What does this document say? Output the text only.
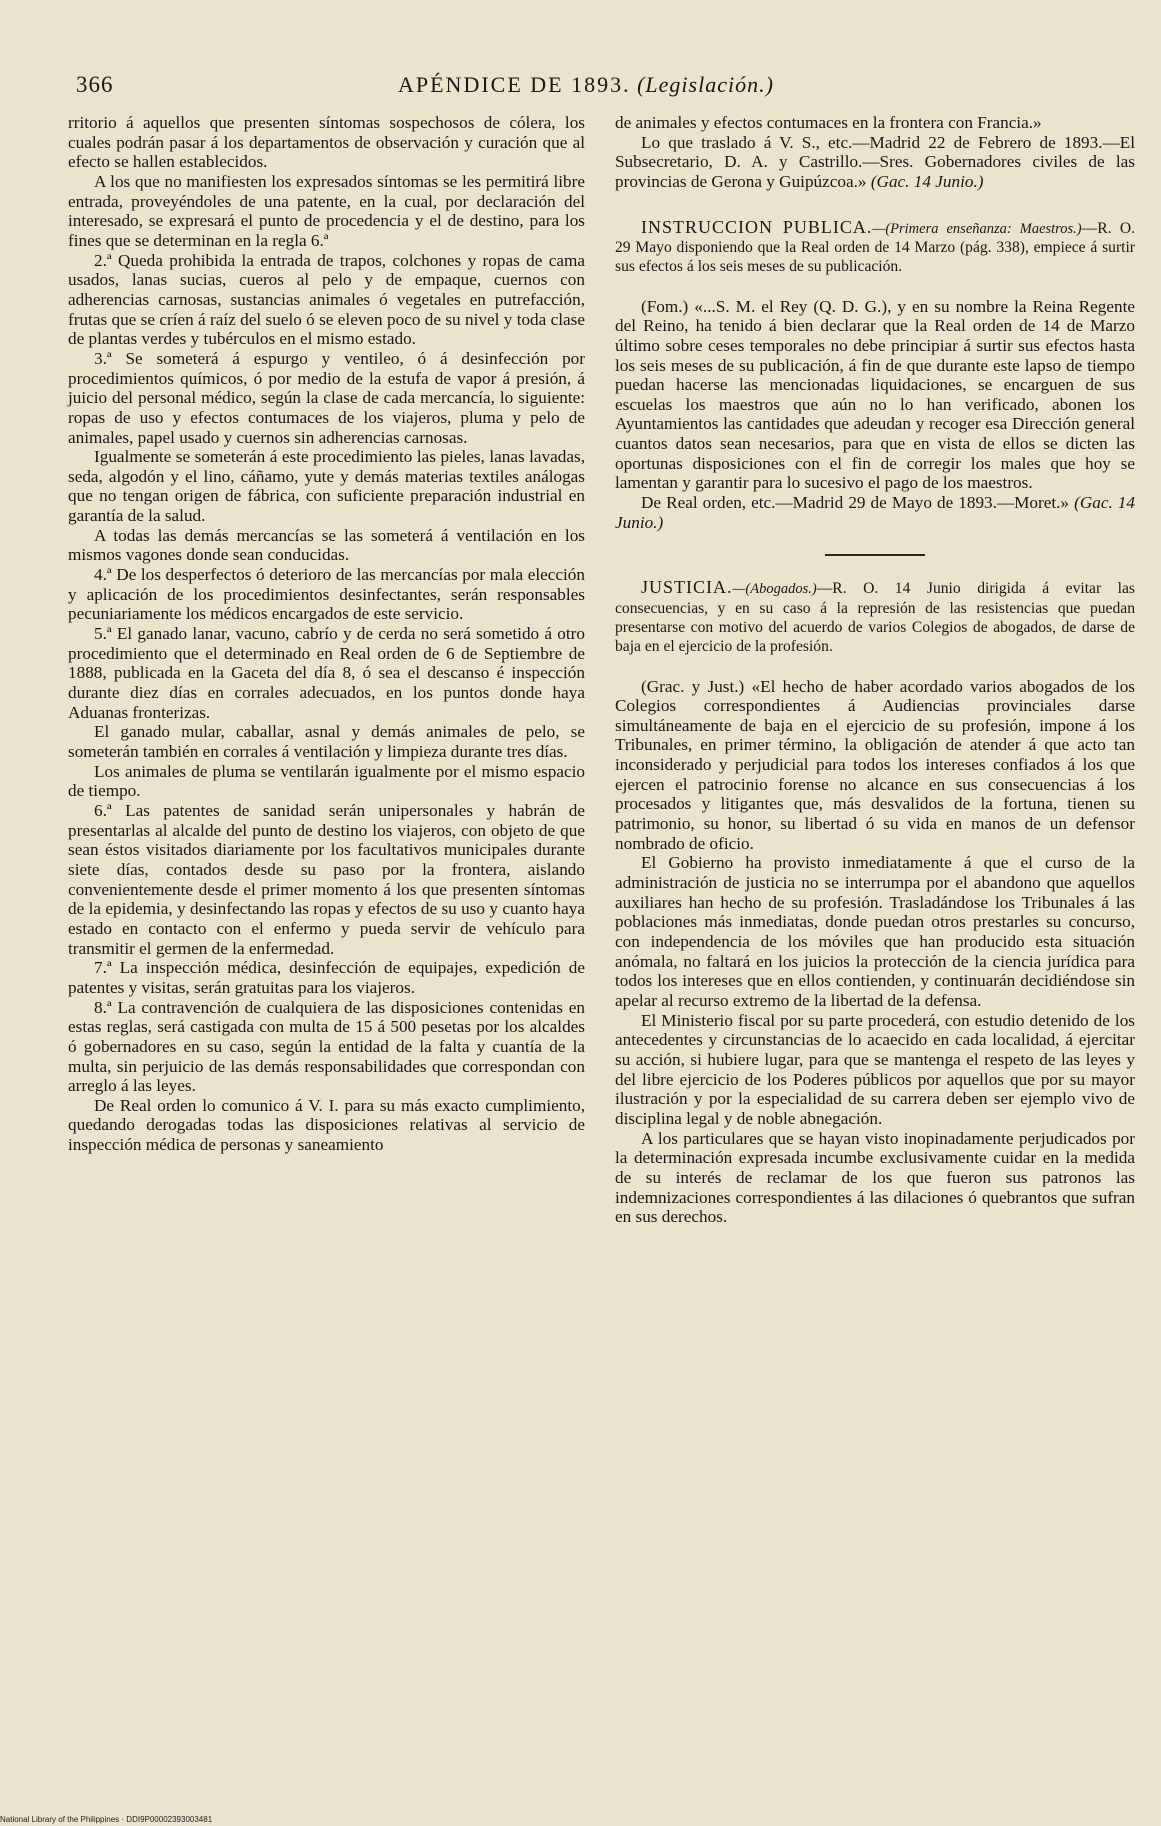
366	APÉNDICE DE 1893. (Legislación.)

rritorio á aquellos que presenten síntomas sospechosos de cólera, los cuales podrán pasar á los departamentos de observación y curación que al efecto se hallen establecidos.

A los que no manifiesten los expresados síntomas se les permitirá libre entrada, proveyéndoles de una patente, en la cual, por declaración del interesado, se expresará el punto de procedencia y el de destino, para los fines que se determinan en la regla 6.ª

2.ª Queda prohibida la entrada de trapos, colchones y ropas de cama usados, lanas sucias, cueros al pelo y de empaque, cuernos con adherencias carnosas, sustancias animales ó vegetales en putrefacción, frutas que se críen á raíz del suelo ó se eleven poco de su nivel y toda clase de plantas verdes y tubérculos en el mismo estado.

3.ª Se someterá á espurgo y ventileo, ó á desinfección por procedimientos químicos, ó por medio de la estufa de vapor á presión, á juicio del personal médico, según la clase de cada mercancía, lo siguiente: ropas de uso y efectos contumaces de los viajeros, pluma y pelo de animales, papel usado y cuernos sin adherencias carnosas.

Igualmente se someterán á este procedimiento las pieles, lanas lavadas, seda, algodón y el lino, cáñamo, yute y demás materias textiles análogas que no tengan origen de fábrica, con suficiente preparación industrial en garantía de la salud.

A todas las demás mercancías se las someterá á ventilación en los mismos vagones donde sean conducidas.

4.ª De los desperfectos ó deterioro de las mercancías por mala elección y aplicación de los procedimientos desinfectantes, serán responsables pecuniariamente los médicos encargados de este servicio.

5.ª El ganado lanar, vacuno, cabrío y de cerda no será sometido á otro procedimiento que el determinado en Real orden de 6 de Septiembre de 1888, publicada en la Gaceta del día 8, ó sea el descanso é inspección durante diez días en corrales adecuados, en los puntos donde haya Aduanas fronterizas.

El ganado mular, caballar, asnal y demás animales de pelo, se someterán también en corrales á ventilación y limpieza durante tres días.

Los animales de pluma se ventilarán igualmente por el mismo espacio de tiempo.

6.ª Las patentes de sanidad serán unipersonales y habrán de presentarlas al alcalde del punto de destino los viajeros, con objeto de que sean éstos visitados diariamente por los facultativos municipales durante siete días, contados desde su paso por la frontera, aislando convenientemente desde el primer momento á los que presenten síntomas de la epidemia, y desinfectando las ropas y efectos de su uso y cuanto haya estado en contacto con el enfermo y pueda servir de vehículo para transmitir el germen de la enfermedad.

7.ª La inspección médica, desinfección de equipajes, expedición de patentes y visitas, serán gratuitas para los viajeros.

8.ª La contravención de cualquiera de las disposiciones contenidas en estas reglas, será castigada con multa de 15 á 500 pesetas por los alcaldes ó gobernadores en su caso, según la entidad de la falta y cuantía de la multa, sin perjuicio de las demás responsabilidades que correspondan con arreglo á las leyes.

De Real orden lo comunico á V. I. para su más exacto cumplimiento, quedando derogadas todas las disposiciones relativas al servicio de inspección médica de personas y saneamiento

de animales y efectos contumaces en la frontera con Francia.»

Lo que traslado á V. S., etc.—Madrid 22 de Febrero de 1893.—El Subsecretario, D. A. y Castrillo.—Sres. Gobernadores civiles de las provincias de Gerona y Guipúzcoa.» (Gac. 14 Junio.)

INSTRUCCION PUBLICA.—(Primera enseñanza: Maestros.)—R. O. 29 Mayo disponiendo que la Real orden de 14 Marzo (pág. 338), empiece á surtir sus efectos á los seis meses de su publicación.

(Fom.) «...S. M. el Rey (Q. D. G.), y en su nombre la Reina Regente del Reino, ha tenido á bien declarar que la Real orden de 14 de Marzo último sobre ceses temporales no debe principiar á surtir sus efectos hasta los seis meses de su publicación, á fin de que durante este lapso de tiempo puedan hacerse las mencionadas liquidaciones, se encarguen de sus escuelas los maestros que aún no lo han verificado, abonen los Ayuntamientos las cantidades que adeudan y recoger esa Dirección general cuantos datos sean necesarios, para que en vista de ellos se dicten las oportunas disposiciones con el fin de corregir los males que hoy se lamentan y garantir para lo sucesivo el pago de los maestros.

De Real orden, etc.—Madrid 29 de Mayo de 1893.—Moret.» (Gac. 14 Junio.)

JUSTICIA.—(Abogados.)—R. O. 14 Junio dirigida á evitar las consecuencias, y en su caso á la represión de las resistencias que puedan presentarse con motivo del acuerdo de varios Colegios de abogados, de darse de baja en el ejercicio de la profesión.

(Grac. y Just.) «El hecho de haber acordado varios abogados de los Colegios correspondientes á Audiencias provinciales darse simultáneamente de baja en el ejercicio de su profesión, impone á los Tribunales, en primer término, la obligación de atender á que acto tan inconsiderado y perjudicial para todos los intereses confiados á los que ejercen el patrocinio forense no alcance en sus consecuencias á los procesados y litigantes que, más desvalidos de la fortuna, tienen su patrimonio, su honor, su libertad ó su vida en manos de un defensor nombrado de oficio.

El Gobierno ha provisto inmediatamente á que el curso de la administración de justicia no se interrumpa por el abandono que aquellos auxiliares han hecho de su profesión. Trasladándose los Tribunales á las poblaciones más inmediatas, donde puedan otros prestarles su concurso, con independencia de los móviles que han producido esta situación anómala, no faltará en los juicios la protección de la ciencia jurídica para todos los intereses que en ellos contienden, y continuarán decidiéndose sin apelar al recurso extremo de la libertad de la defensa.

El Ministerio fiscal por su parte procederá, con estudio detenido de los antecedentes y circunstancias de lo acaecido en cada localidad, á ejercitar su acción, si hubiere lugar, para que se mantenga el respeto de las leyes y del libre ejercicio de los Poderes públicos por aquellos que por su mayor ilustración y por la especialidad de su carrera deben ser ejemplo vivo de disciplina legal y de noble abnegación.

A los particulares que se hayan visto inopinadamente perjudicados por la determinación expresada incumbe exclusivamente cuidar en la medida de su interés de reclamar de los que fueron sus patronos las indemnizaciones correspondientes á las dilaciones ó quebrantos que sufran en sus derechos.

National Library of the Philippines · DDI9P00002393003481
